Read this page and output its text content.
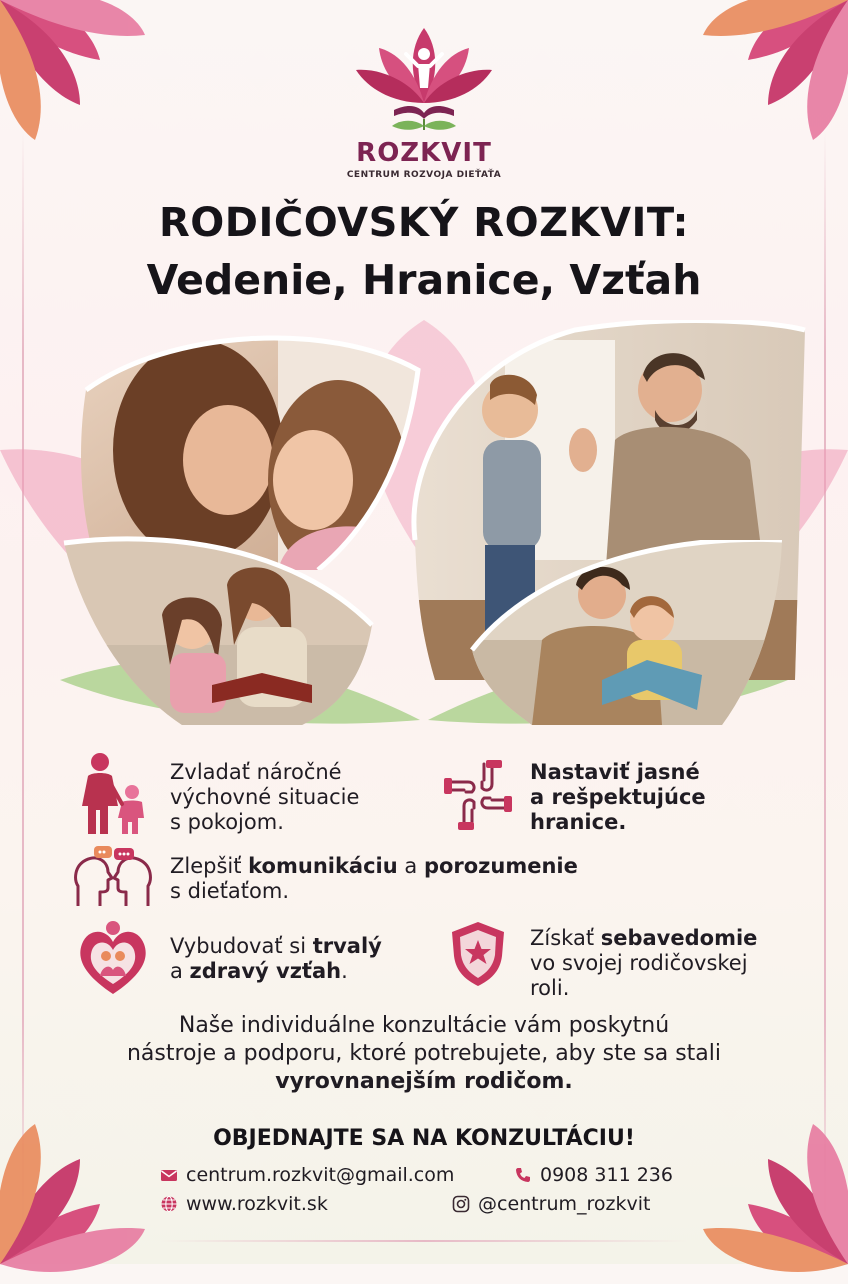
ROZKVIT
CENTRUM ROZVOJA DIEŤAŤA
RODIČOVSKÝ ROZKVIT:
Vedenie, Hranice, Vzťah
Zvladať náročné
výchovné situacie
s pokojom.
Nastaviť jasné
a rešpektujúce
hranice.
Zlepšiť komunikáciu a porozumenie
s dieťaťom.
Vybudovať si trvalý
a zdravý vzťah.
Získať sebavedomie
vo svojej rodičovskej
roli.
Naše individuálne konzultácie vám poskytnú
nástroje a podporu, ktoré potrebujete, aby ste sa stali
vyrovnanejším rodičom.
OBJEDNAJTE SA NA KONZULTÁCIU!
centrum.rozkvit@gmail.com	0908 311 236
www.rozkvit.sk	@centrum_rozkvit
